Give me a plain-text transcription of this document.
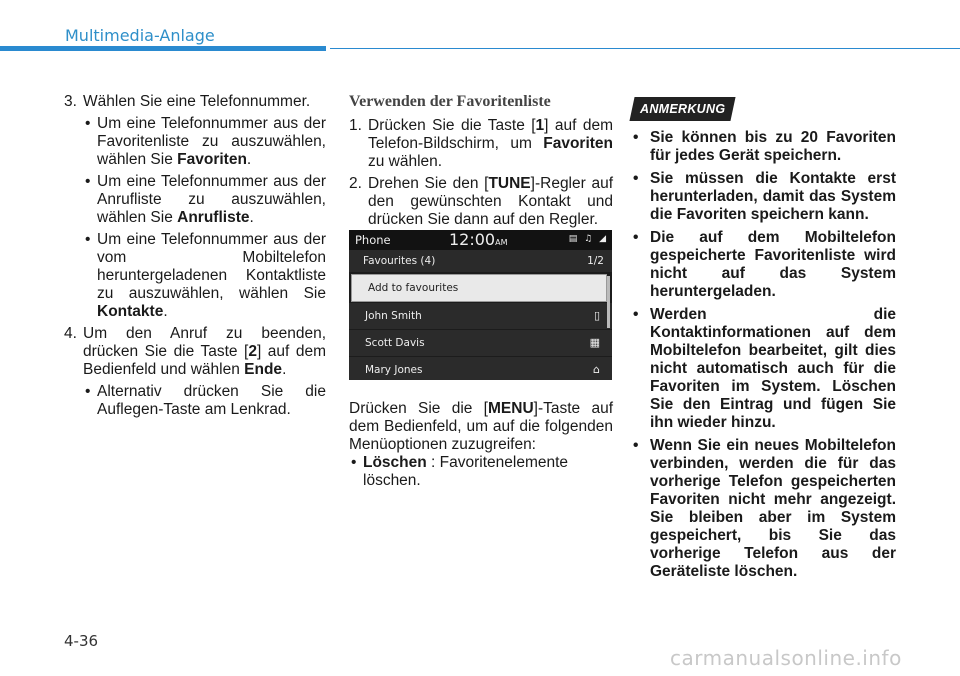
Multimedia-Anlage

3. Wählen Sie eine Telefonnummer.

• Um eine Telefonnummer aus der Favoritenliste zu auszuwählen, wählen Sie Favoriten.

• Um eine Telefonnummer aus der Anrufliste zu auszuwählen, wählen Sie Anrufliste.

• Um eine Telefonnummer aus der vom Mobiltelefon heruntergeladenen Kontaktliste zu auszuwählen, wählen Sie Kontakte.

4. Um den Anruf zu beenden, drücken Sie die Taste [2] auf dem Bedienfeld und wählen Ende.

• Alternativ drücken Sie die Auflegen-Taste am Lenkrad.

Verwenden der Favoritenliste

1. Drücken Sie die Taste [1] auf dem Telefon-Bildschirm, um Favoriten zu wählen.

2. Drehen Sie den [TUNE]-Regler auf den gewünschten Kontakt und drücken Sie dann auf den Regler.

Phone	12:00AM	▤ ♫ ◢
Favourites (4)	1/2
Add to favourites
John Smith	▯
Scott Davis	▦
Mary Jones	⌂

Drücken Sie die [MENU]-Taste auf dem Bedienfeld, um auf die folgenden Menüoptionen zuzugreifen:

• Löschen : Favoritenelemente löschen.

ANMERKUNG

• Sie können bis zu 20 Favoriten für jedes Gerät speichern.

• Sie müssen die Kontakte erst herunterladen, damit das System die Favoriten speichern kann.

• Die auf dem Mobiltelefon gespeicherte Favoritenliste wird nicht auf das System heruntergeladen.

• Werden die Kontaktinformationen auf dem Mobiltelefon bearbeitet, gilt dies nicht automatisch auch für die Favoriten im System. Löschen Sie den Eintrag und fügen Sie ihn wieder hinzu.

• Wenn Sie ein neues Mobiltelefon verbinden, werden die für das vorherige Telefon gespeicherten Favoriten nicht mehr angezeigt. Sie bleiben aber im System gespeichert, bis Sie das vorherige Telefon aus der Geräteliste löschen.

4-36
carmanualsonline.info
